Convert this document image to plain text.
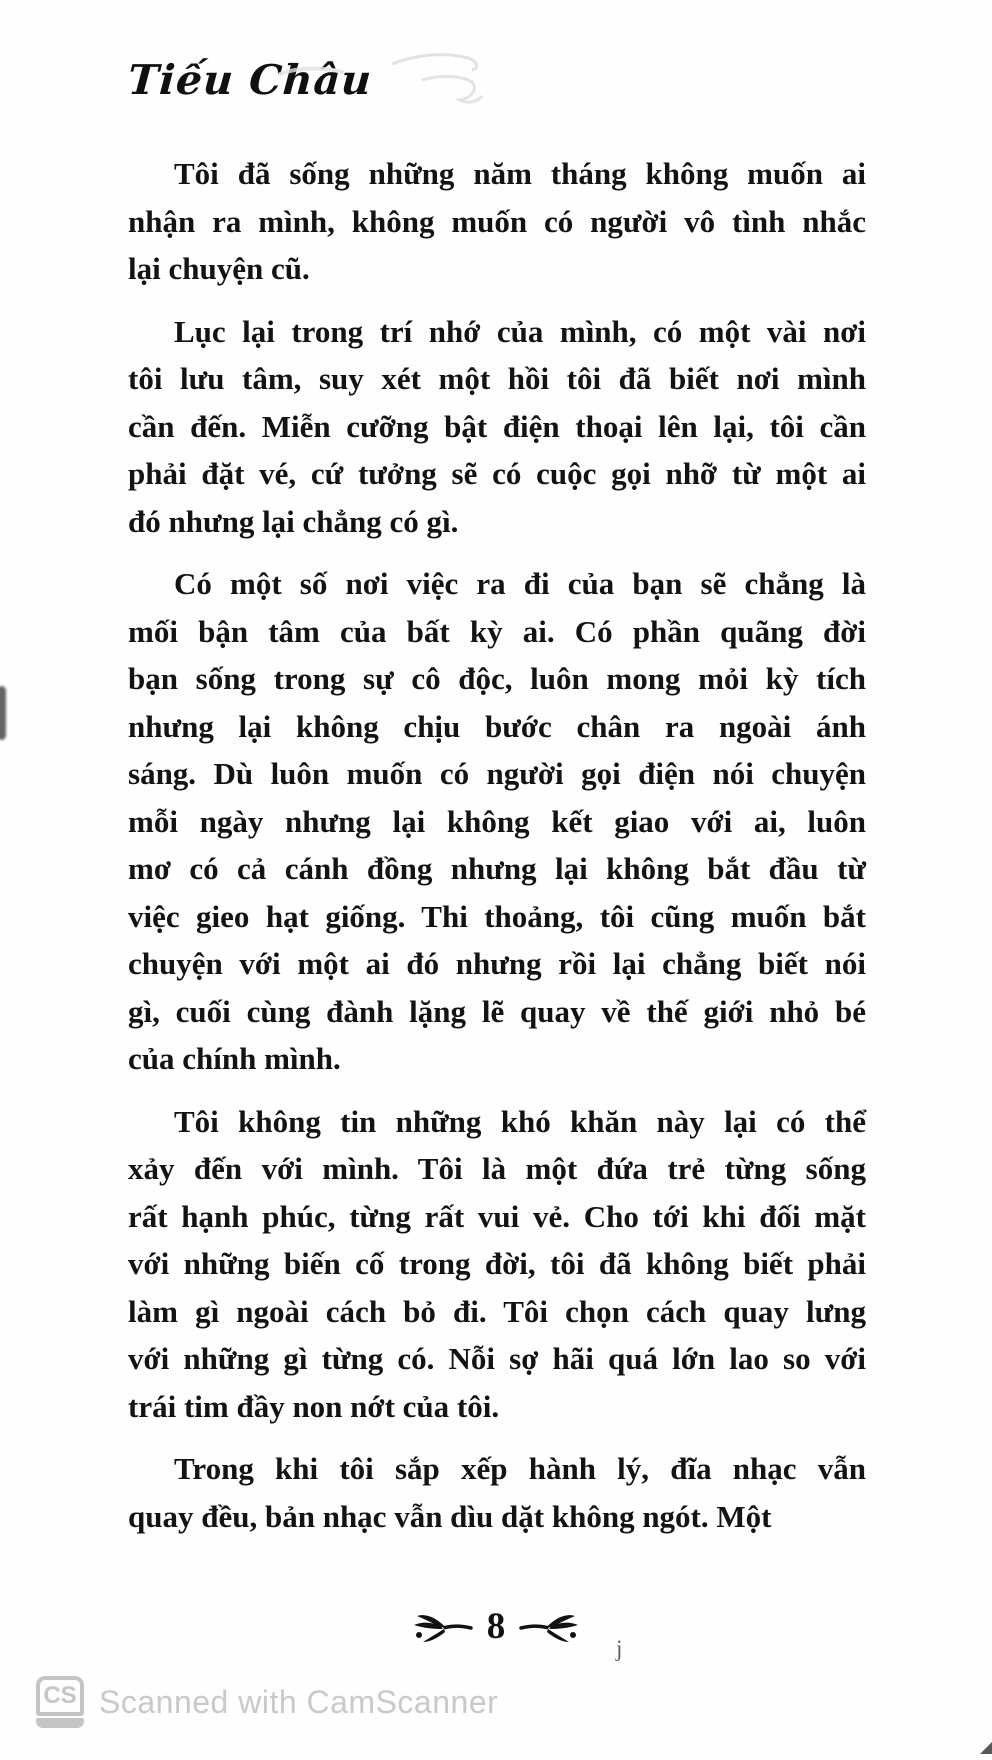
Tiếu Châu

Tôi đã sống những năm tháng không muốn ai
nhận ra mình, không muốn có người vô tình nhắc
lại chuyện cũ.

Lục lại trong trí nhớ của mình, có một vài nơi
tôi lưu tâm, suy xét một hồi tôi đã biết nơi mình
cần đến. Miễn cưỡng bật điện thoại lên lại, tôi cần
phải đặt vé, cứ tưởng sẽ có cuộc gọi nhỡ từ một ai
đó nhưng lại chẳng có gì.

Có một số nơi việc ra đi của bạn sẽ chẳng là
mối bận tâm của bất kỳ ai. Có phần quãng đời
bạn sống trong sự cô độc, luôn mong mỏi kỳ tích
nhưng lại không chịu bước chân ra ngoài ánh
sáng. Dù luôn muốn có người gọi điện nói chuyện
mỗi ngày nhưng lại không kết giao với ai, luôn
mơ có cả cánh đồng nhưng lại không bắt đầu từ
việc gieo hạt giống. Thi thoảng, tôi cũng muốn bắt
chuyện với một ai đó nhưng rồi lại chẳng biết nói
gì, cuối cùng đành lặng lẽ quay về thế giới nhỏ bé
của chính mình.

Tôi không tin những khó khăn này lại có thể
xảy đến với mình. Tôi là một đứa trẻ từng sống
rất hạnh phúc, từng rất vui vẻ. Cho tới khi đối mặt
với những biến cố trong đời, tôi đã không biết phải
làm gì ngoài cách bỏ đi. Tôi chọn cách quay lưng
với những gì từng có. Nỗi sợ hãi quá lớn lao so với
trái tim đầy non nớt của tôi.

Trong khi tôi sắp xếp hành lý, đĩa nhạc vẫn
quay đều, bản nhạc vẫn dìu dặt không ngót. Một

8
j
CS Scanned with CamScanner
